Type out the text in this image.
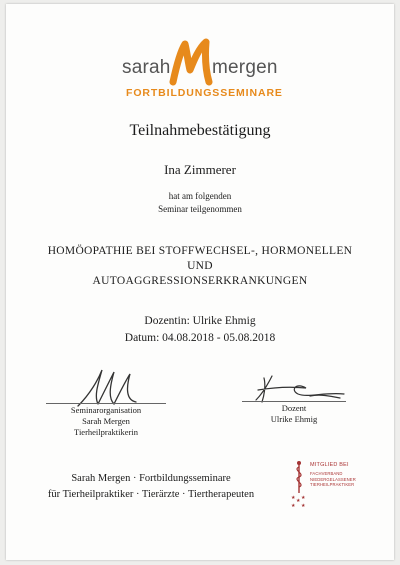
sarah mergen
FORTBILDUNGSSEMINARE
Teilnahmebestätigung
Ina Zimmerer
hat am folgenden
Seminar teilgenommen
HOMÖOPATHIE BEI STOFFWECHSEL-, HORMONELLEN
UND
AUTOAGGRESSIONSERKRANKUNGEN
Dozentin: Ulrike Ehmig
Datum: 04.08.2018 - 05.08.2018
Seminarorganisation
Sarah Mergen
Tierheilpraktikerin
Dozent
Ulrike Ehmig
Sarah Mergen · Fortbildungsseminare
für Tierheilpraktiker · Tierärzte · Tiertherapeuten	★
★
★
★ ★
MITGLIED BEI
FACHVERBAND
NIEDERGELASSENER
TIERHEILPRAKTIKER
